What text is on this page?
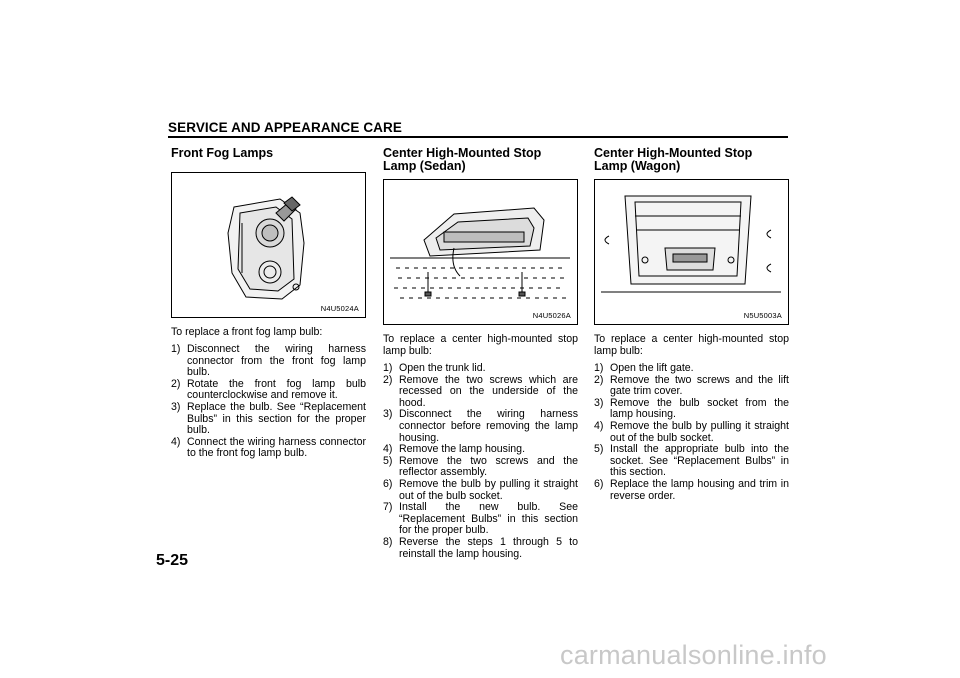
SERVICE AND APPEARANCE CARE
Front Fog Lamps
N4U5024A

To replace a front fog lamp bulb:

1) Disconnect the wiring harness connector from the front fog lamp bulb.
2) Rotate the front fog lamp bulb counterclockwise and remove it.
3) Replace the bulb. See “Replacement Bulbs” in this section for the proper bulb.
4) Connect the wiring harness connector to the front fog lamp bulb.
Center High-Mounted Stop Lamp (Sedan)
N4U5026A

To replace a center high-mounted stop lamp bulb:

1) Open the trunk lid.
2) Remove the two screws which are recessed on the underside of the hood.
3) Disconnect the wiring harness connector before removing the lamp housing.
4) Remove the lamp housing.
5) Remove the two screws and the reflector assembly.
6) Remove the bulb by pulling it straight out of the bulb socket.
7) Install the new bulb. See “Replacement Bulbs” in this section for the proper bulb.
8) Reverse the steps 1 through 5 to reinstall the lamp housing.
Center High-Mounted Stop Lamp (Wagon)
N5U5003A

To replace a center high-mounted stop lamp bulb:

1) Open the lift gate.
2) Remove the two screws and the lift gate trim cover.
3) Remove the bulb socket from the lamp housing.
4) Remove the bulb by pulling it straight out of the bulb socket.
5) Install the appropriate bulb into the socket. See “Replacement Bulbs” in this section.
6) Replace the lamp housing and trim in reverse order.
5-25
carmanualsonline.info
